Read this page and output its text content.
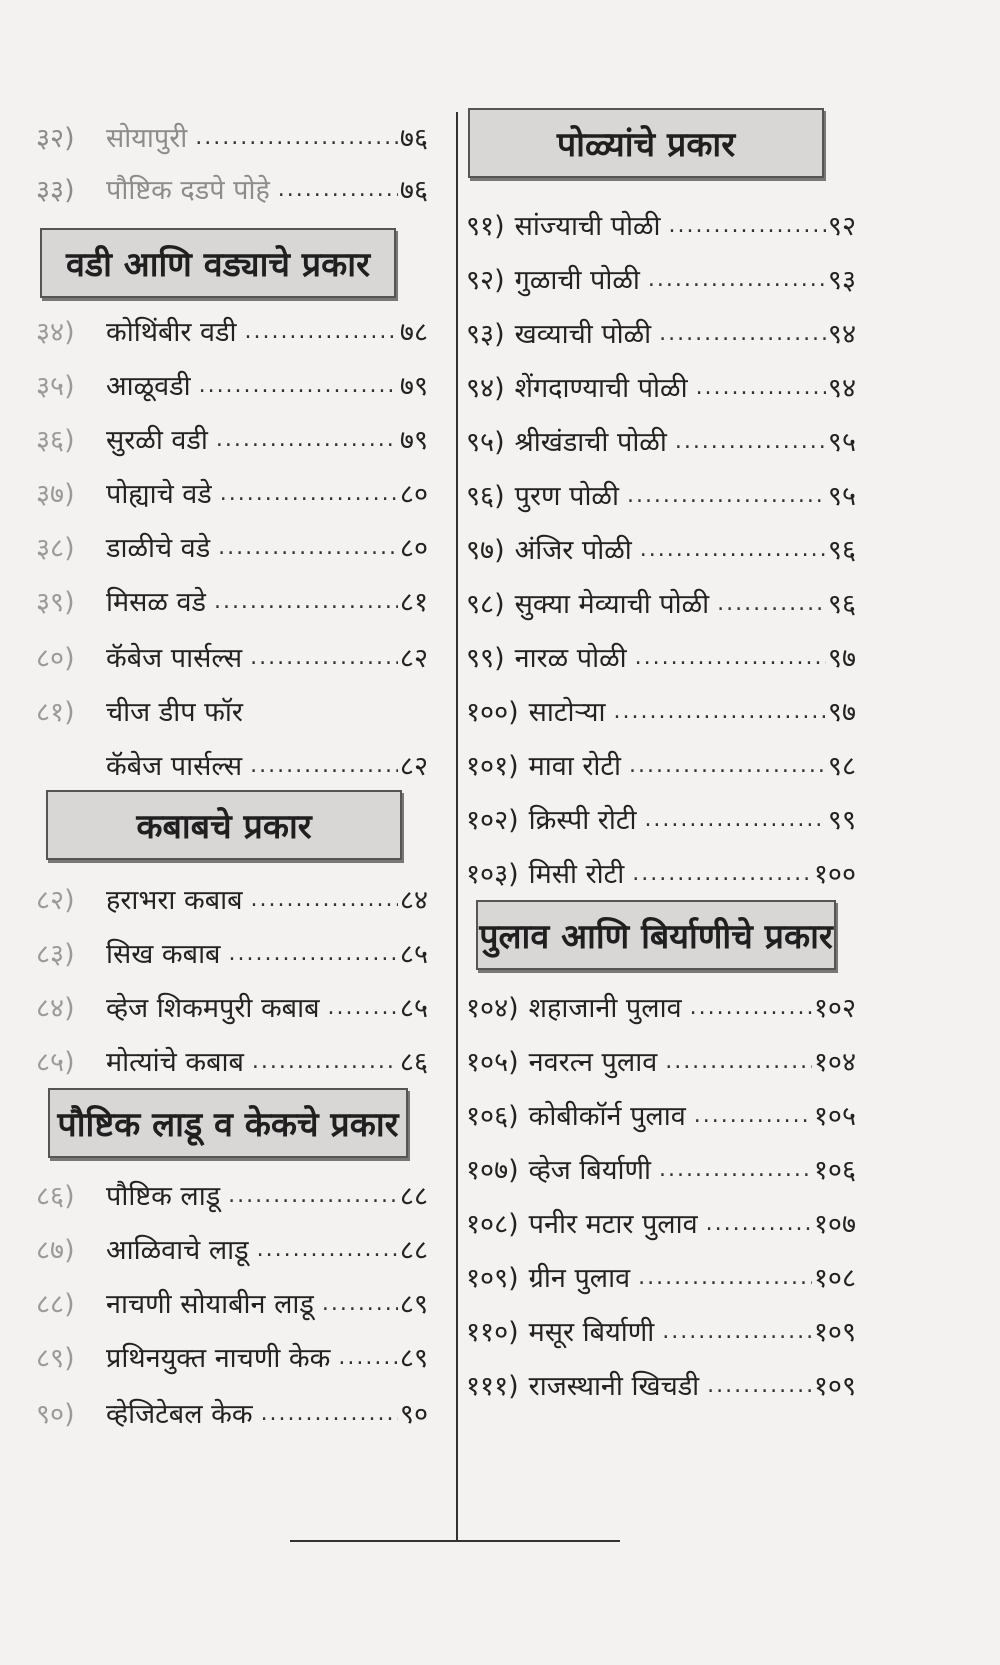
३२)	सोयापुरी .....	७६
३३)	पौष्टिक दडपे पोहे .....	७६
वडी आणि वड्याचे प्रकार
३४)	कोथिंबीर वडी .....	७८
३५)	आळूवडी .....	७९
३६)	सुरळी वडी .....	७९
३७)	पोह्याचे वडे .....	८०
३८)	डाळीचे वडे .....	८०
३९)	मिसळ वडे .....	८१
८०)	कॅबेज पार्सल्स .....	८२
८१)	चीज डीप फॉर
कॅबेज पार्सल्स .....	८२
कबाबचे प्रकार
८२)	हराभरा कबाब .....	८४
८३)	सिख कबाब .....	८५
८४)	व्हेज शिकमपुरी कबाब .....	८५
८५)	मोत्यांचे कबाब .....	८६
पौष्टिक लाडू व केकचे प्रकार
८६)	पौष्टिक लाडू .....	८८
८७)	आळिवाचे लाडू .....	८८
८८)	नाचणी सोयाबीन लाडू .....	८९
८९)	प्रथिनयुक्त नाचणी केक .....	८९
९०)	व्हेजिटेबल केक .....	९०
पोळ्यांचे प्रकार
९१) सांज्याची पोळी .....	९२
९२) गुळाची पोळी .....	९३
९३) खव्याची पोळी .....	९४
९४) शेंगदाण्याची पोळी .....	९४
९५) श्रीखंडाची पोळी .....	९५
९६) पुरण पोळी .....	९५
९७) अंजिर पोळी .....	९६
९८) सुक्या मेव्याची पोळी .....	९६
९९) नारळ पोळी .....	९७
१००) साटोऱ्या .....	९७
१०१) मावा रोटी .....	९८
१०२) क्रिस्पी रोटी .....	९९
१०३) मिसी रोटी .....	१००
पुलाव आणि बिर्याणीचे प्रकार
१०४) शहाजानी पुलाव .....	१०२
१०५) नवरत्न पुलाव .....	१०४
१०६) कोबीकॉर्न पुलाव .....	१०५
१०७) व्हेज बिर्याणी .....	१०६
१०८) पनीर मटार पुलाव .....	१०७
१०९) ग्रीन पुलाव .....	१०८
११०) मसूर बिर्याणी .....	१०९
१११) राजस्थानी खिचडी .....	१०९
